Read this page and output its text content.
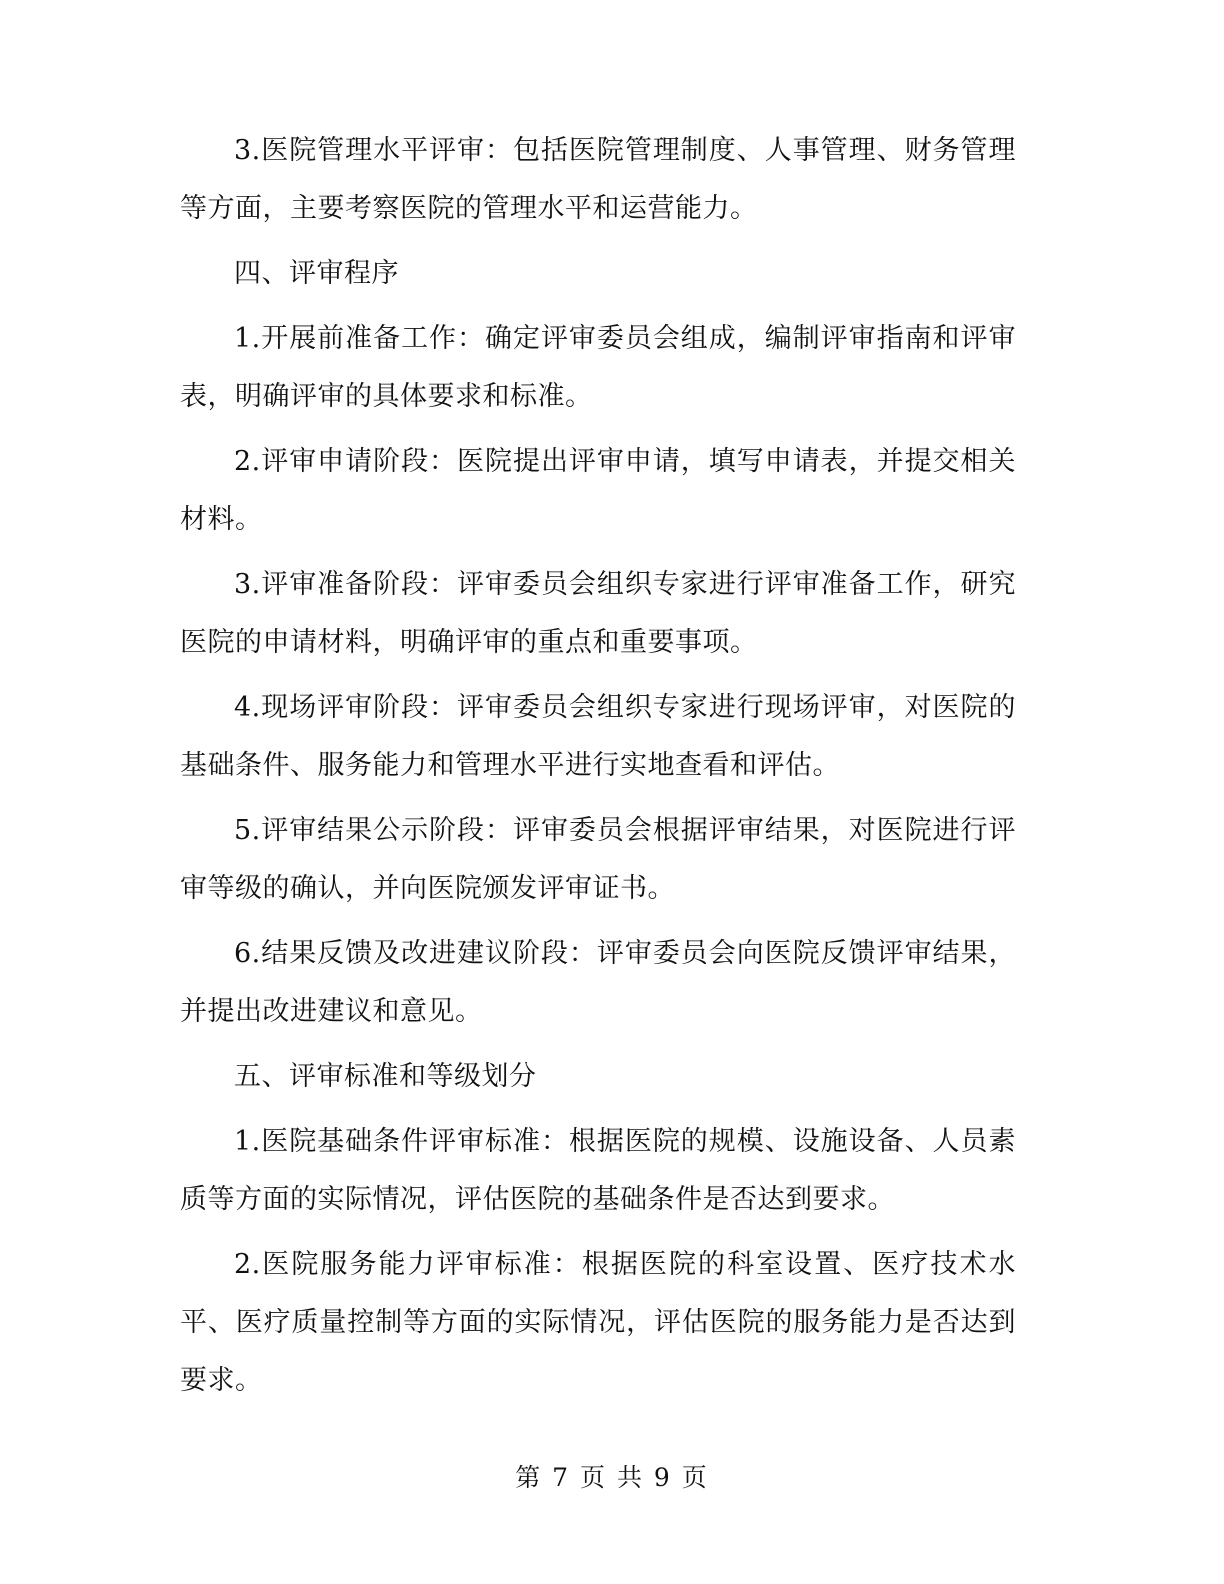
3.医院管理水平评审：包括医院管理制度、人事管理、财务管理等方面，主要考察医院的管理水平和运营能力。

四、评审程序

1.开展前准备工作：确定评审委员会组成，编制评审指南和评审表，明确评审的具体要求和标准。

2.评审申请阶段：医院提出评审申请，填写申请表，并提交相关材料。

3.评审准备阶段：评审委员会组织专家进行评审准备工作，研究医院的申请材料，明确评审的重点和重要事项。

4.现场评审阶段：评审委员会组织专家进行现场评审，对医院的基础条件、服务能力和管理水平进行实地查看和评估。

5.评审结果公示阶段：评审委员会根据评审结果，对医院进行评审等级的确认，并向医院颁发评审证书。

6.结果反馈及改进建议阶段：评审委员会向医院反馈评审结果，并提出改进建议和意见。

五、评审标准和等级划分

1.医院基础条件评审标准：根据医院的规模、设施设备、人员素质等方面的实际情况，评估医院的基础条件是否达到要求。

2.医院服务能力评审标准：根据医院的科室设置、医疗技术水平、医疗质量控制等方面的实际情况，评估医院的服务能力是否达到要求。

第 7 页 共 9 页
